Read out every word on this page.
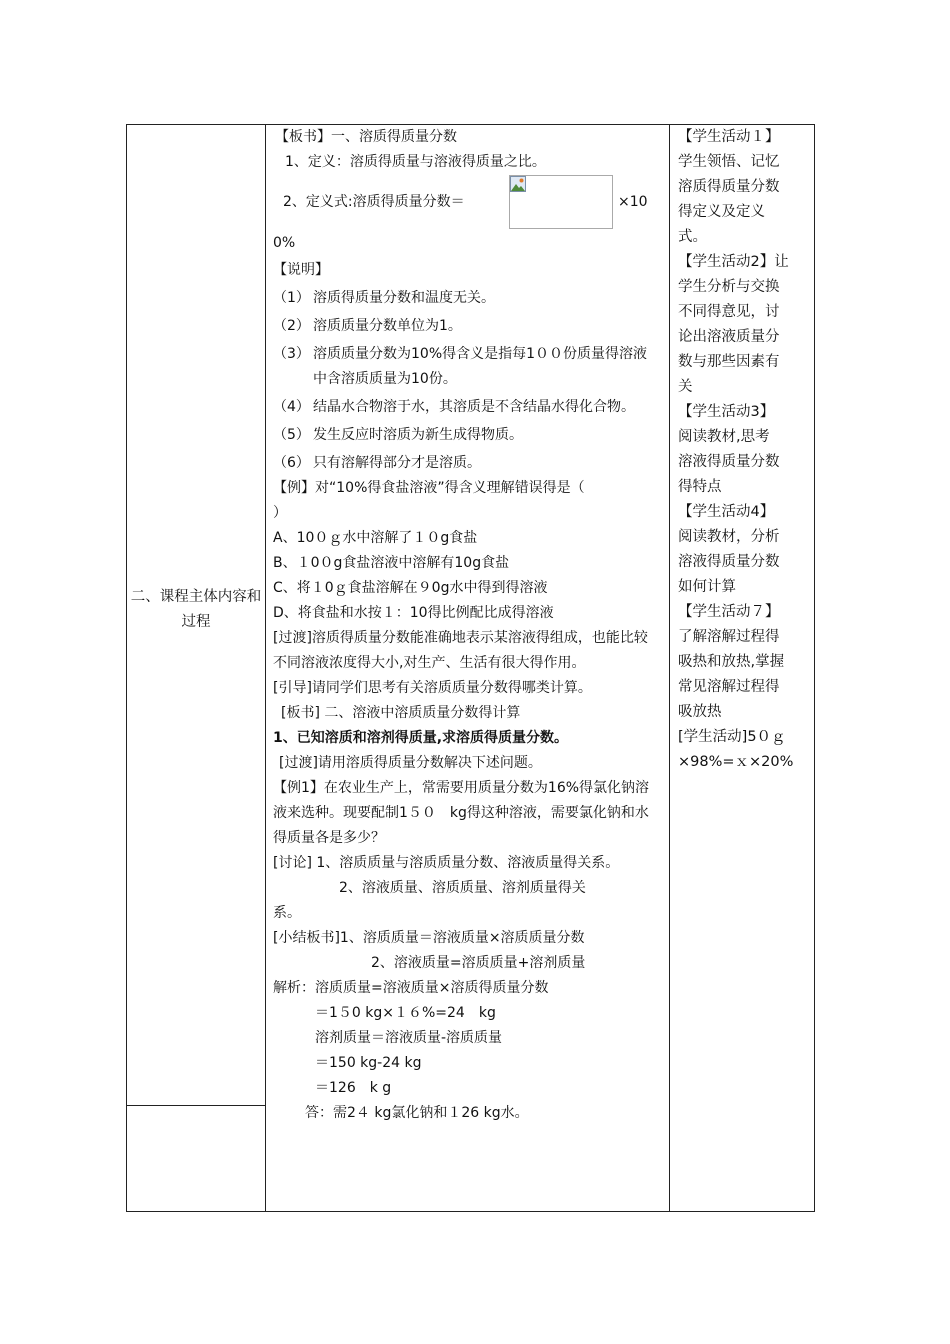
二、课程主体内容和过程
【板书】一、溶质得质量分数
1、定义：溶质得质量与溶液得质量之比。
2、定义式:溶质得质量分数＝	×10
0%
【说明】
（1） 溶质得质量分数和温度无关。
（2） 溶质质量分数单位为1。
（3） 溶质质量分数为10%得含义是指每1００份质量得溶液中含溶质质量为10份。
（4） 结晶水合物溶于水，其溶质是不含结晶水得化合物。
（5） 发生反应时溶质为新生成得物质。
（6） 只有溶解得部分才是溶质。
【例】对“10%得食盐溶液”得含义理解错误得是（
）
A、10０ｇ水中溶解了１０g食盐
B、１0０g食盐溶液中溶解有10g食盐
C、将１0ｇ食盐溶解在９0g水中得到得溶液
D、将食盐和水按１：10得比例配比成得溶液
[过渡]溶质得质量分数能准确地表示某溶液得组成，也能比较不同溶液浓度得大小,对生产、生活有很大得作用。
[引导]请同学们思考有关溶质质量分数得哪类计算。
[板书] 二、溶液中溶质质量分数得计算
1、已知溶质和溶剂得质量,求溶质得质量分数。
[过渡]请用溶质得质量分数解决下述问题。
【例1】在农业生产上，常需要用质量分数为16%得氯化钠溶液来选种。现要配制1５０　kg得这种溶液，需要氯化钠和水得质量各是多少？
[讨论] 1、溶质质量与溶质质量分数、溶液质量得关系。
2、溶液质量、溶质质量、溶剂质量得关
系。
[小结板书]1、溶质质量＝溶液质量×溶质质量分数
2、溶液质量=溶质质量+溶剂质量
解析：溶质质量=溶液质量×溶质得质量分数
＝1５0 kg×１６%=24　kg
溶剂质量＝溶液质量-溶质质量
＝150 kg-24 kg
＝126　k g
答：需2４ kg氯化钠和１26 kg水。
【学生活动１】
学生领悟、记忆
溶质得质量分数
得定义及定义
式。
【学生活动2】让
学生分析与交换
不同得意见，讨
论出溶液质量分
数与那些因素有
关
【学生活动3】
阅读教材,思考
溶液得质量分数
得特点
【学生活动4】
阅读教材，分析
溶液得质量分数
如何计算
【学生活动７】
了解溶解过程得
吸热和放热,掌握
常见溶解过程得
吸放热
[学生活动]5０ｇ
×98%=ｘ×20%
